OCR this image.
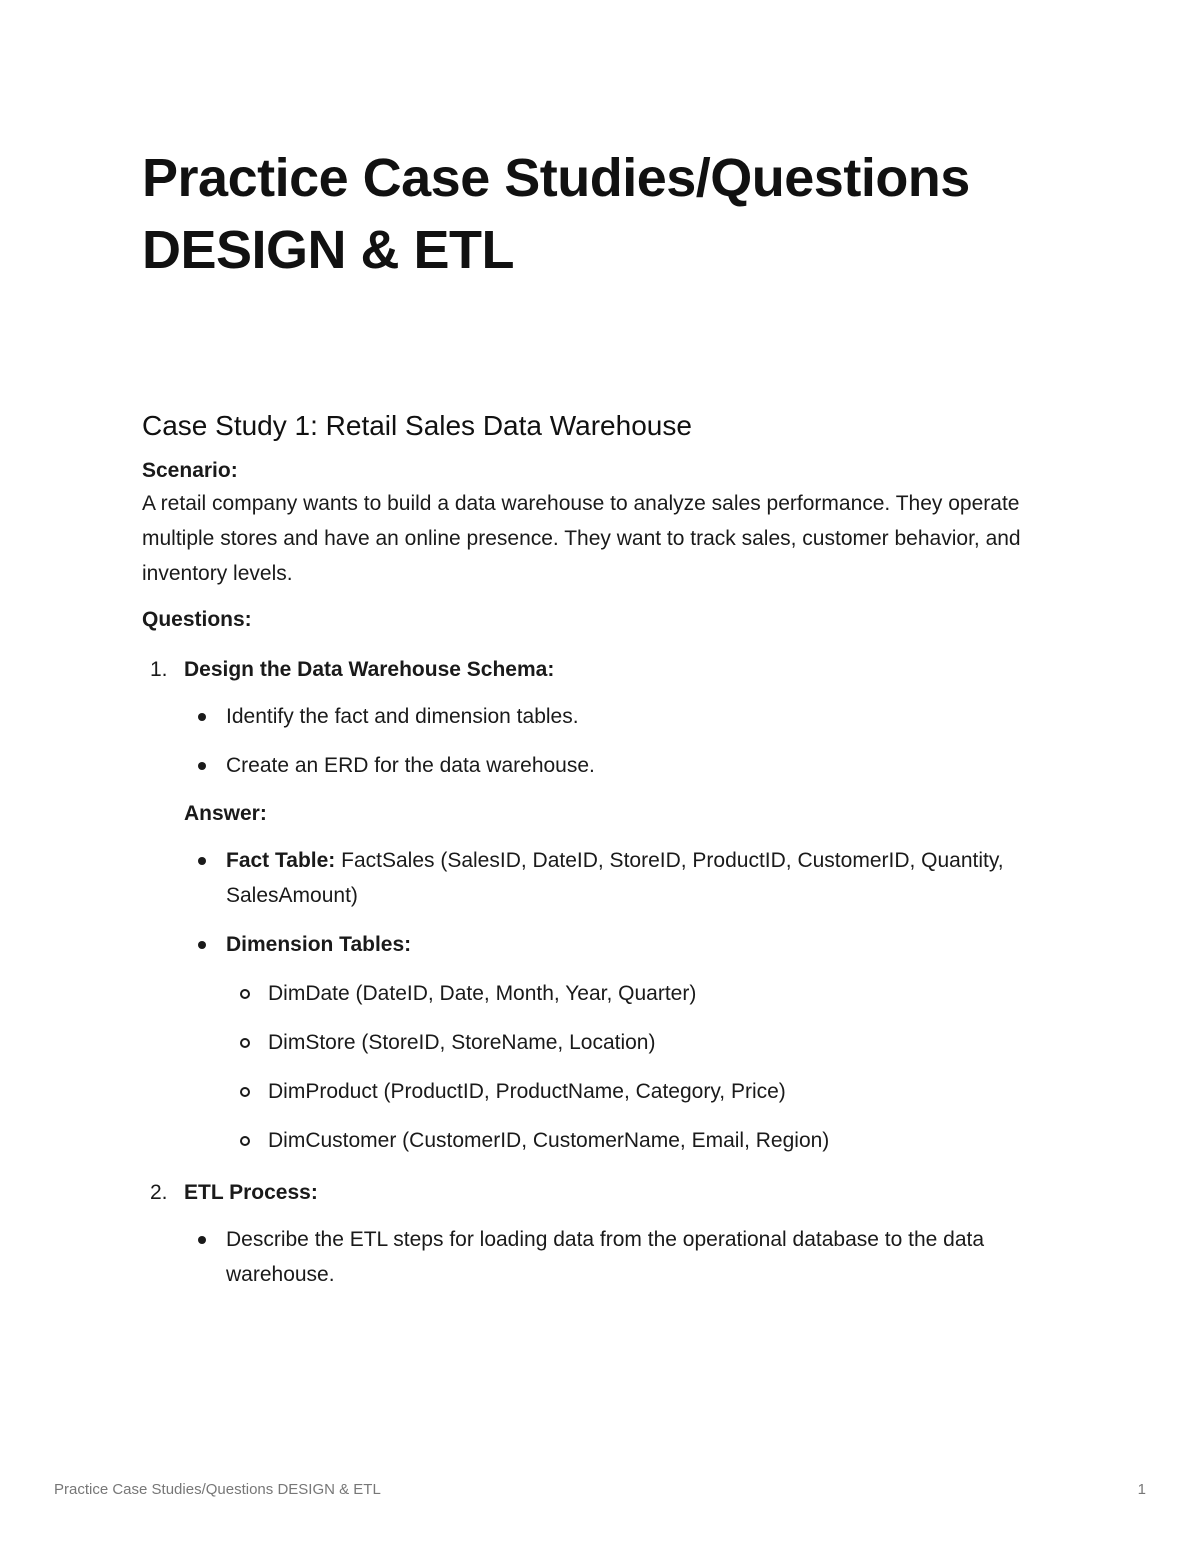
Practice Case Studies/Questions DESIGN & ETL
Case Study 1: Retail Sales Data Warehouse

Scenario:

A retail company wants to build a data warehouse to analyze sales performance. They operate multiple stores and have an online presence. They want to track sales, customer behavior, and inventory levels.

Questions:

1. Design the Data Warehouse Schema:
Identify the fact and dimension tables.
Create an ERD for the data warehouse.
Answer:
Fact Table: FactSales (SalesID, DateID, StoreID, ProductID, CustomerID, Quantity, SalesAmount)
Dimension Tables:
DimDate (DateID, Date, Month, Year, Quarter)
DimStore (StoreID, StoreName, Location)
DimProduct (ProductID, ProductName, Category, Price)
DimCustomer (CustomerID, CustomerName, Email, Region)
2. ETL Process:
Describe the ETL steps for loading data from the operational database to the data warehouse.
Practice Case Studies/Questions DESIGN & ETL	1
